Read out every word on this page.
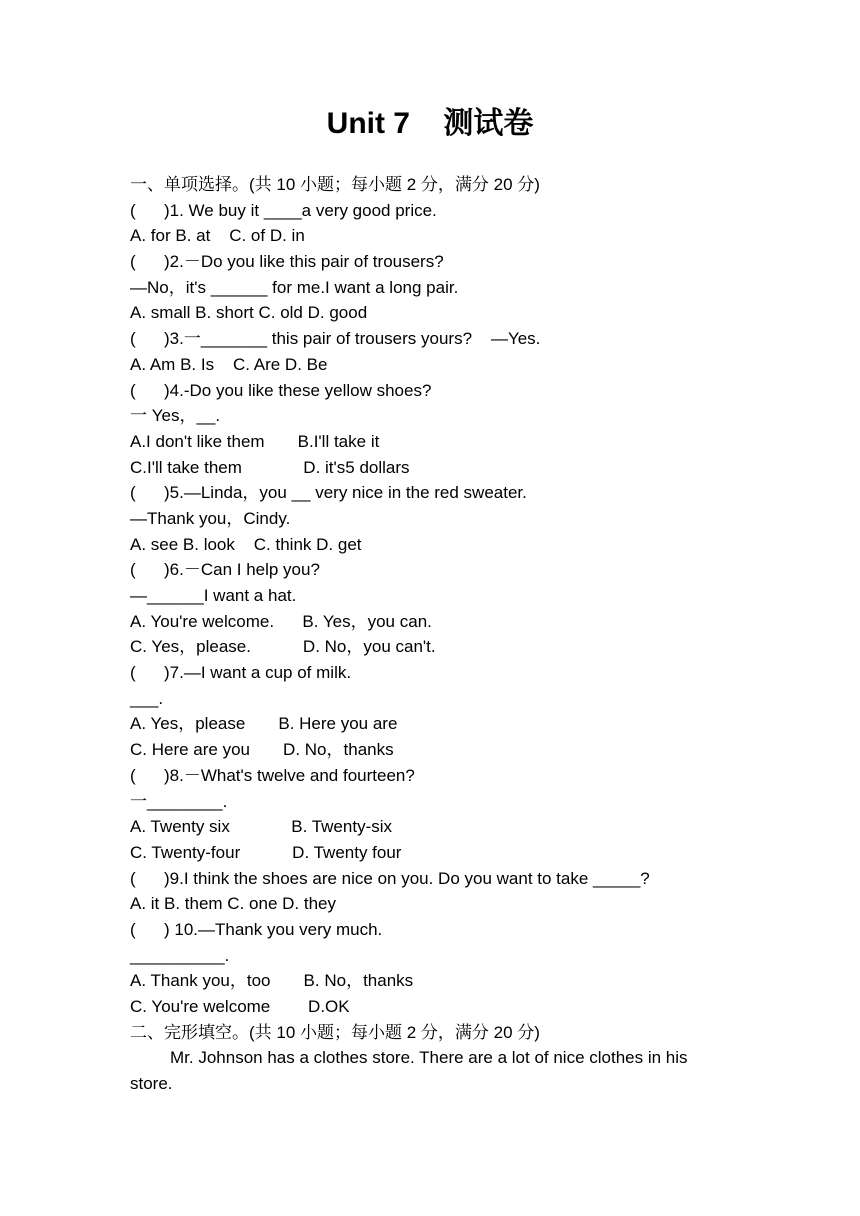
Unit 7    测试卷
一、单项选择。(共 10 小题；每小题 2 分，满分 20 分)
(      )1. We buy it ____a very good price.
A. for B. at    C. of D. in
(      )2.－Do you like this pair of trousers?
—No，it's ______ for me.I want a long pair.
A. small B. short C. old D. good
(      )3.一_______ this pair of trousers yours?    —Yes.
A. Am B. Is    C. Are D. Be
(      )4.-Do you like these yellow shoes?
一 Yes，__.
A.I don't like them       B.I'll take it
C.I'll take them             D. it's5 dollars
(      )5.—Linda，you __ very nice in the red sweater.
—Thank you，Cindy.
A. see B. look    C. think D. get
(      )6.－Can I help you?
—______I want a hat.
A. You're welcome.      B. Yes，you can.
C. Yes，please.           D. No，you can't.
(      )7.—I want a cup of milk.
___.
A. Yes，please       B. Here you are
C. Here are you       D. No，thanks
(      )8.－What's twelve and fourteen?
一________.
A. Twenty six             B. Twenty-six
C. Twenty-four           D. Twenty four
(      )9.I think the shoes are nice on you. Do you want to take _____?
A. it B. them C. one D. they
(      ) 10.—Thank you very much.
__________.
A. Thank you，too       B. No，thanks
C. You're welcome        D.OK
二、完形填空。(共 10 小题；每小题 2 分，满分 20 分)
Mr. Johnson has a clothes store. There are a lot of nice clothes in his store.
